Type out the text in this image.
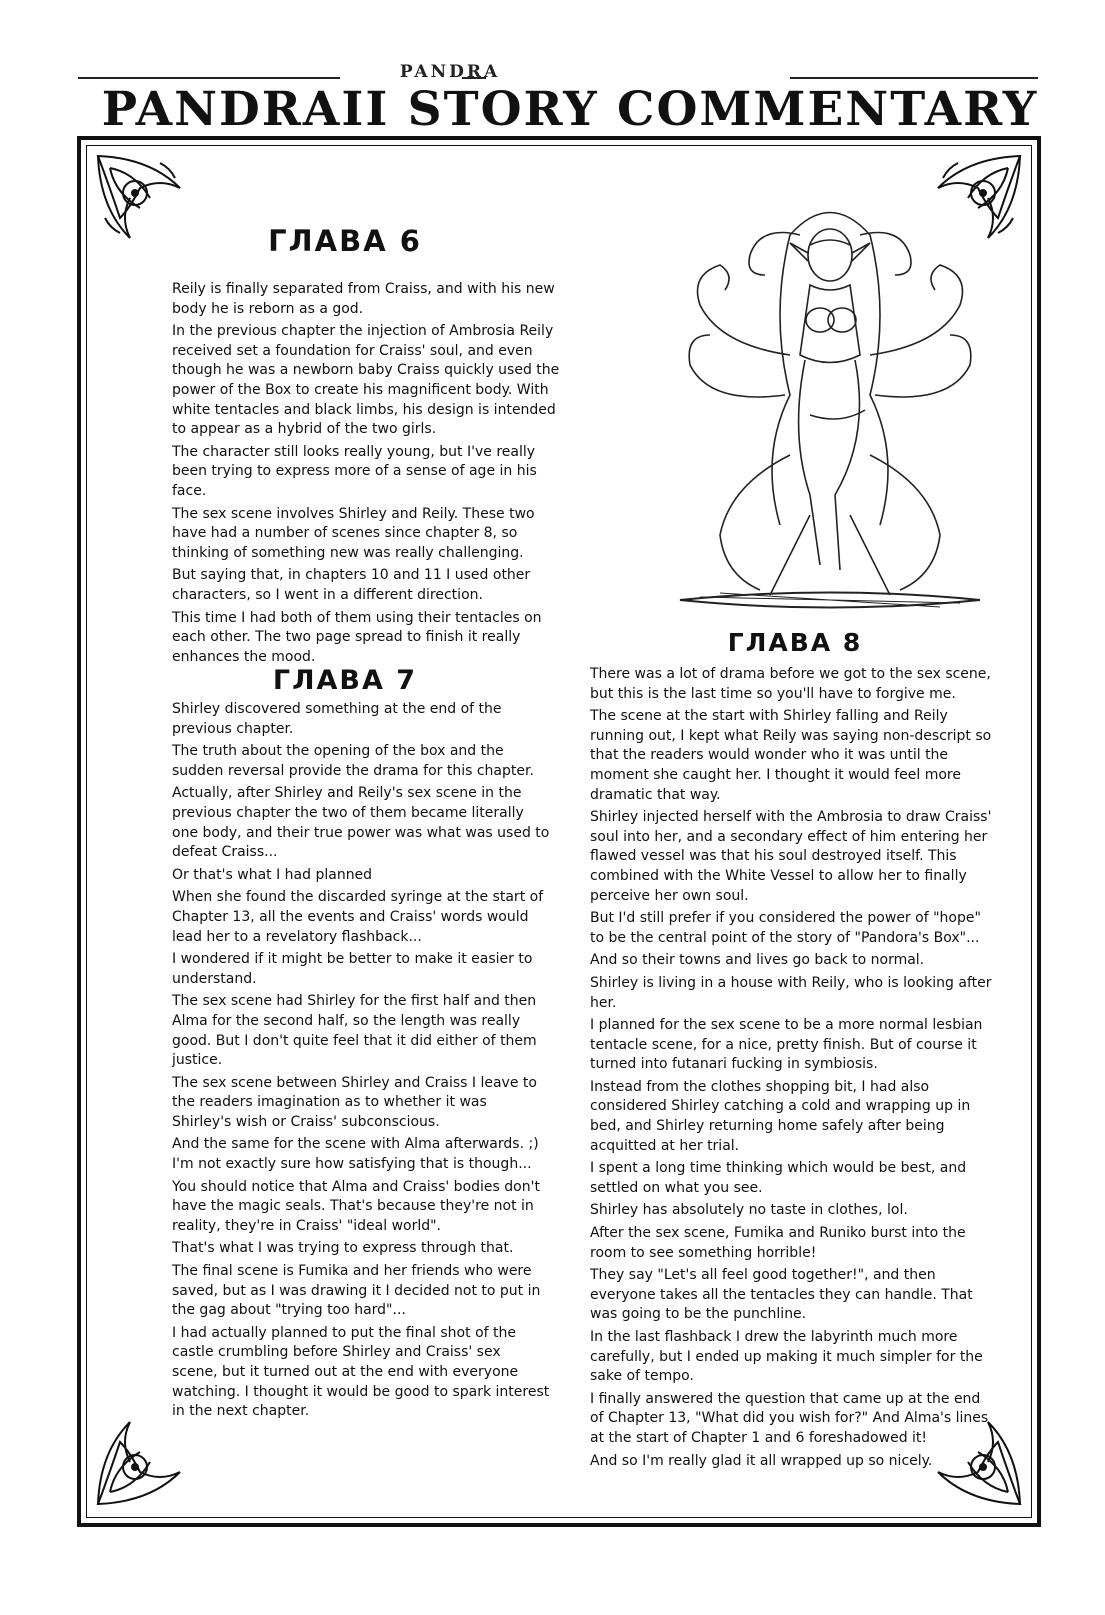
PANDRA
PANDRAII STORY COMMENTARY
ГЛАВА 6

Reily is finally separated from Craiss, and with his new body he is reborn as a god.

In the previous chapter the injection of Ambrosia Reily received set a foundation for Craiss' soul, and even though he was a newborn baby Craiss quickly used the power of the Box to create his magnificent body. With white tentacles and black limbs, his design is intended to appear as a hybrid of the two girls.

The character still looks really young, but I've really been trying to express more of a sense of age in his face.

The sex scene involves Shirley and Reily. These two have had a number of scenes since chapter 8, so thinking of something new was really challenging.

But saying that, in chapters 10 and 11 I used other characters, so I went in a different direction.

This time I had both of them using their tentacles on each other. The two page spread to finish it really enhances the mood.

ГЛАВА 7

Shirley discovered something at the end of the previous chapter.

The truth about the opening of the box and the sudden reversal provide the drama for this chapter.

Actually, after Shirley and Reily's sex scene in the previous chapter the two of them became literally one body, and their true power was what was used to defeat Craiss...

Or that's what I had planned

When she found the discarded syringe at the start of Chapter 13, all the events and Craiss' words would lead her to a revelatory flashback...

I wondered if it might be better to make it easier to understand.

The sex scene had Shirley for the first half and then Alma for the second half, so the length was really good. But I don't quite feel that it did either of them justice.

The sex scene between Shirley and Craiss I leave to the readers imagination as to whether it was Shirley's wish or Craiss' subconscious.

And the same for the scene with Alma afterwards. ;) I'm not exactly sure how satisfying that is though...

You should notice that Alma and Craiss' bodies don't have the magic seals. That's because they're not in reality, they're in Craiss' "ideal world".

That's what I was trying to express through that.

The final scene is Fumika and her friends who were saved, but as I was drawing it I decided not to put in the gag about "trying too hard"...

I had actually planned to put the final shot of the castle crumbling before Shirley and Craiss' sex scene, but it turned out at the end with everyone watching. I thought it would be good to spark interest in the next chapter.

ГЛАВА 8

There was a lot of drama before we got to the sex scene, but this is the last time so you'll have to forgive me.

The scene at the start with Shirley falling and Reily running out, I kept what Reily was saying non-descript so that the readers would wonder who it was until the moment she caught her. I thought it would feel more dramatic that way.

Shirley injected herself with the Ambrosia to draw Craiss' soul into her, and a secondary effect of him entering her flawed vessel was that his soul destroyed itself. This combined with the White Vessel to allow her to finally perceive her own soul.

But I'd still prefer if you considered the power of "hope" to be the central point of the story of "Pandora's Box"...

And so their towns and lives go back to normal.

Shirley is living in a house with Reily, who is looking after her.

I planned for the sex scene to be a more normal lesbian tentacle scene, for a nice, pretty finish. But of course it turned into futanari fucking in symbiosis.

Instead from the clothes shopping bit, I had also considered Shirley catching a cold and wrapping up in bed, and Shirley returning home safely after being acquitted at her trial.

I spent a long time thinking which would be best, and settled on what you see.

Shirley has absolutely no taste in clothes, lol.

After the sex scene, Fumika and Runiko burst into the room to see something horrible!

They say "Let's all feel good together!", and then everyone takes all the tentacles they can handle. That was going to be the punchline.

In the last flashback I drew the labyrinth much more carefully, but I ended up making it much simpler for the sake of tempo.

I finally answered the question that came up at the end of Chapter 13, "What did you wish for?" And Alma's lines at the start of Chapter 1 and 6 foreshadowed it!

And so I'm really glad it all wrapped up so nicely.
